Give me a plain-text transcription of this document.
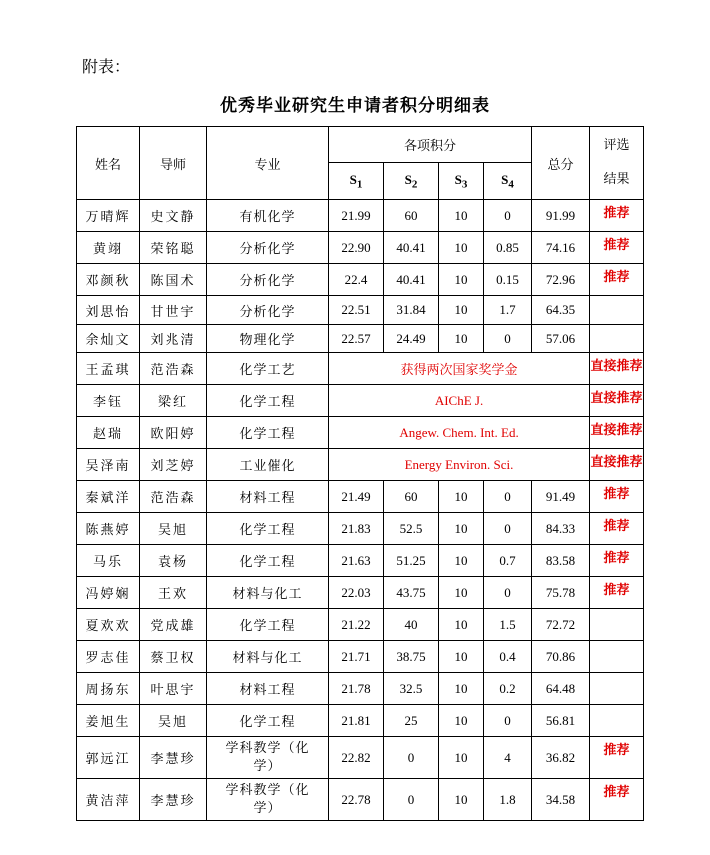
附表：
优秀毕业研究生申请者积分明细表
姓名	导师	专业	各项积分				总分	评选
结果

			$S_1$	$S_2$	$S_3$	$S_4$
万晴辉	史文静	有机化学	21.99	60	10	0	91.99	推荐
黄翊	荣铭聪	分析化学	22.90	40.41	10	0.85	74.16	推荐
邓颜秋	陈国术	分析化学	22.4	40.41	10	0.15	72.96	推荐
刘思怡	甘世宇	分析化学	22.51	31.84	10	1.7	64.35	
余灿文	刘兆清	物理化学	22.57	24.49	10	0	57.06	
王孟琪	范浩森	化学工艺	获得两次国家奖学金					直接推荐
李钰	梁红	化学工程	AIChE J.					直接推荐
赵瑞	欧阳婷	化学工程	Angew. Chem. Int. Ed.					直接推荐
吴泽南	刘芝婷	工业催化	Energy Environ. Sci.					直接推荐
秦斌洋	范浩森	材料工程	21.49	60	10	0	91.49	推荐
陈燕婷	吴旭	化学工程	21.83	52.5	10	0	84.33	推荐
马乐	袁杨	化学工程	21.63	51.25	10	0.7	83.58	推荐
冯婷娴	王欢	材料与化工	22.03	43.75	10	0	75.78	推荐
夏欢欢	党成雄	化学工程	21.22	40	10	1.5	72.72	
罗志佳	蔡卫权	材料与化工	21.71	38.75	10	0.4	70.86	
周扬东	叶思宇	材料工程	21.78	32.5	10	0.2	64.48	
姜旭生	吴旭	化学工程	21.81	25	10	0	56.81	
郭远江	李慧珍	学科教学（化
学）	22.82	0	10	4	36.82	推荐
黄洁萍	李慧珍	学科教学（化
学）	22.78	0	10	1.8	34.58	推荐
